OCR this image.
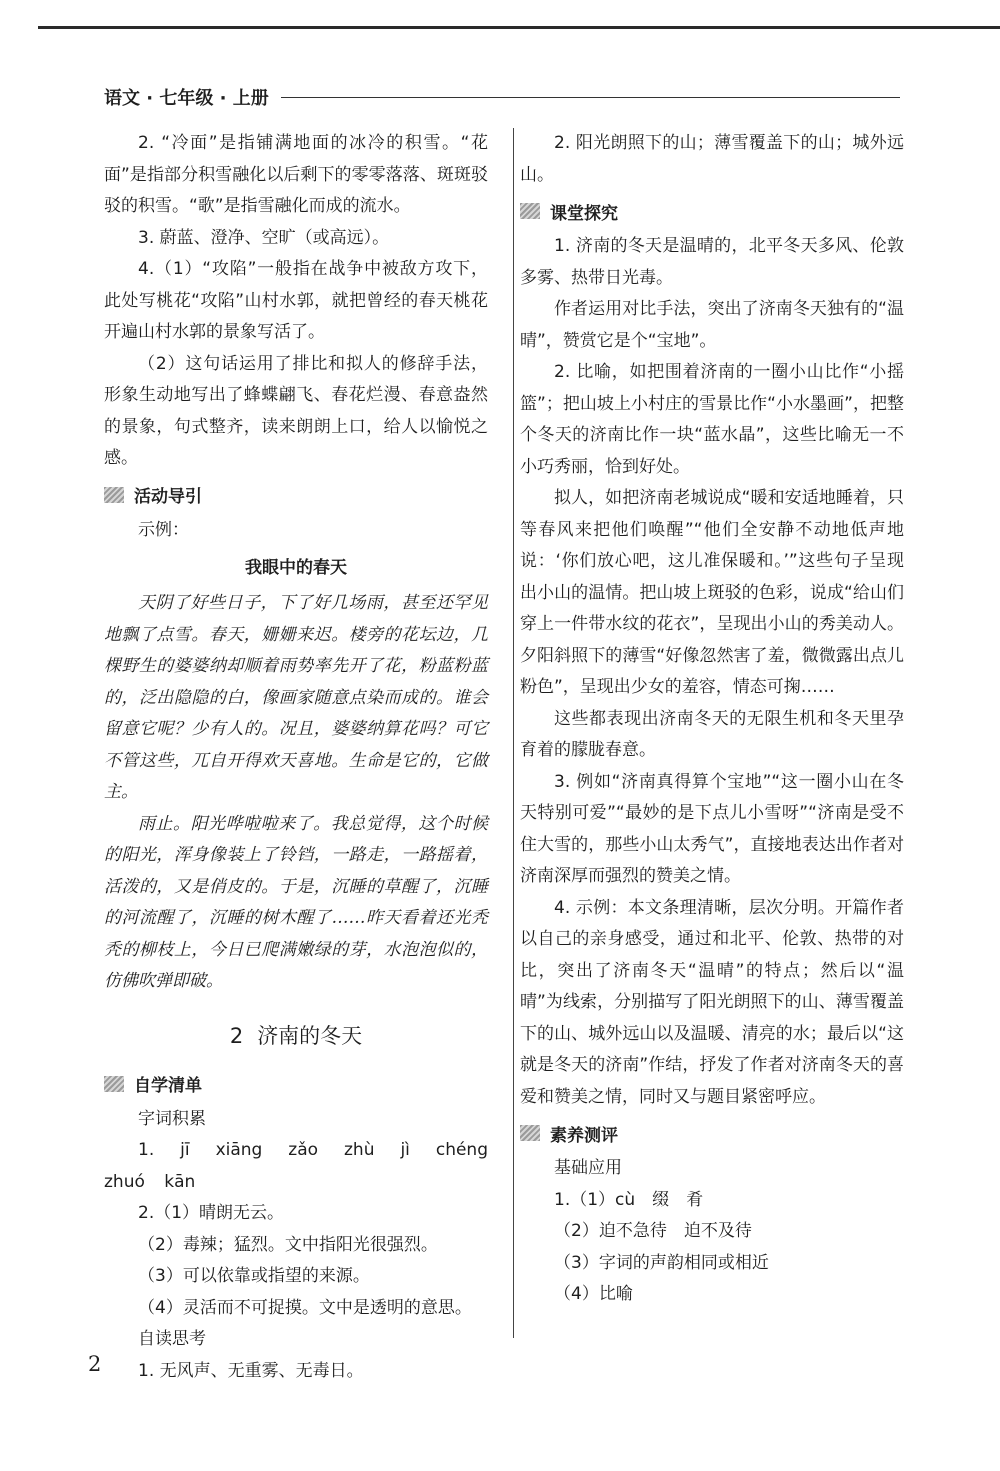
语文 · 七年级 · 上册

2. “冷面”是指铺满地面的冰冷的积雪。“花面”是指部分积雪融化以后剩下的零零落落、斑斑驳驳的积雪。“歌”是指雪融化而成的流水。

3. 蔚蓝、澄净、空旷（或高远）。

4.（1）“攻陷”一般指在战争中被敌方攻下，此处写桃花“攻陷”山村水郭，就把曾经的春天桃花开遍山村水郭的景象写活了。

（2）这句话运用了排比和拟人的修辞手法，形象生动地写出了蜂蝶翩飞、春花烂漫、春意盎然的景象，句式整齐，读来朗朗上口，给人以愉悦之感。

活动导引

示例：

我眼中的春天

天阴了好些日子，下了好几场雨，甚至还罕见地飘了点雪。春天，姗姗来迟。楼旁的花坛边，几棵野生的婆婆纳却顺着雨势率先开了花，粉蓝粉蓝的，泛出隐隐的白，像画家随意点染而成的。谁会留意它呢？少有人的。况且，婆婆纳算花吗？可它不管这些，兀自开得欢天喜地。生命是它的，它做主。

雨止。阳光哗啦啦来了。我总觉得，这个时候的阳光，浑身像装上了铃铛，一路走，一路摇着，活泼的，又是俏皮的。于是，沉睡的草醒了，沉睡的河流醒了，沉睡的树木醒了……昨天看着还光秃秃的柳枝上，今日已爬满嫩绿的芽，水泡泡似的，仿佛吹弹即破。

2 济南的冬天
自学清单

字词积累

1. jī xiāng zǎo zhù jì chéng zhuó kān

2.（1）晴朗无云。

（2）毒辣；猛烈。文中指阳光很强烈。

（3）可以依靠或指望的来源。

（4）灵活而不可捉摸。文中是透明的意思。

自读思考

1. 无风声、无重雾、无毒日。

2. 阳光朗照下的山；薄雪覆盖下的山；城外远山。

课堂探究

1. 济南的冬天是温晴的，北平冬天多风、伦敦多雾、热带日光毒。

作者运用对比手法，突出了济南冬天独有的“温晴”，赞赏它是个“宝地”。

2. 比喻，如把围着济南的一圈小山比作“小摇篮”；把山坡上小村庄的雪景比作“小水墨画”，把整个冬天的济南比作一块“蓝水晶”，这些比喻无一不小巧秀丽，恰到好处。

拟人，如把济南老城说成“暖和安适地睡着，只等春风来把他们唤醒”“他们全安静不动地低声地说：‘你们放心吧，这儿准保暖和。’”这些句子呈现出小山的温情。把山坡上斑驳的色彩，说成“给山们穿上一件带水纹的花衣”，呈现出小山的秀美动人。夕阳斜照下的薄雪“好像忽然害了羞，微微露出点儿粉色”，呈现出少女的羞容，情态可掬……

这些都表现出济南冬天的无限生机和冬天里孕育着的朦胧春意。

3. 例如“济南真得算个宝地”“这一圈小山在冬天特别可爱”“最妙的是下点儿小雪呀”“济南是受不住大雪的，那些小山太秀气”，直接地表达出作者对济南深厚而强烈的赞美之情。

4. 示例：本文条理清晰，层次分明。开篇作者以自己的亲身感受，通过和北平、伦敦、热带的对比，突出了济南冬天“温晴”的特点；然后以“温晴”为线索，分别描写了阳光朗照下的山、薄雪覆盖下的山、城外远山以及温暖、清亮的水；最后以“这就是冬天的济南”作结，抒发了作者对济南冬天的喜爱和赞美之情，同时又与题目紧密呼应。

素养测评

基础应用

1.（1）cù　缀　肴

（2）迫不急待　迫不及待

（3）字词的声韵相同或相近

（4）比喻

2
